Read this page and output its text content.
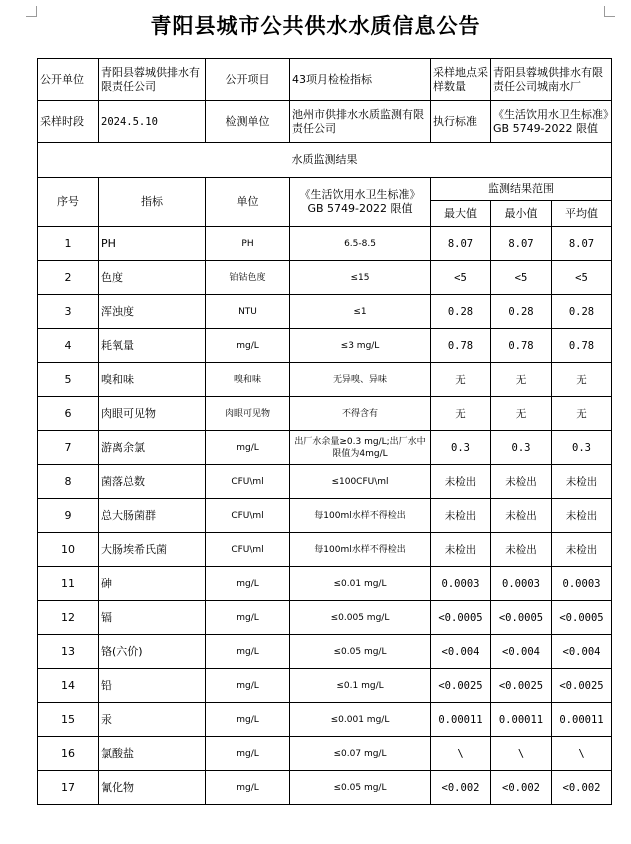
青阳县城市公共供水水质信息公告
公开单位	青阳县蓉城供排水有限责任公司	公开项目	43项月检检指标	采样地点采样数量	青阳县蓉城供排水有限责任公司城南水厂	
采样时段	2024.5.10	检测单位	池州市供排水水质监测有限责任公司	执行标准	《生活饮用水卫生标准》GB 5749-2022 限值	
水质监测结果						
序号	指标	单位	《生活饮用水卫生标准》GB 5749-2022 限值	监测结果范围		
				最大值	最小值	平均值
1	PH	PH	6.5-8.5	8.07	8.07	8.07
2	色度	铂钴色度	≤15	<5	<5	<5
3	浑浊度	NTU	≤1	0.28	0.28	0.28
4	耗氧量	mg/L	≤3 mg/L	0.78	0.78	0.78
5	嗅和味	嗅和味	无异嗅、异味	无	无	无
6	肉眼可见物	肉眼可见物	不得含有	无	无	无
7	游离余氯	mg/L	出厂水余量≥0.3 mg/L;出厂水中限值为4mg/L	0.3	0.3	0.3
8	菌落总数	CFU\ml	≤100CFU\ml	未检出	未检出	未检出
9	总大肠菌群	CFU\ml	每100ml水样不得检出	未检出	未检出	未检出
10	大肠埃希氏菌	CFU\ml	每100ml水样不得检出	未检出	未检出	未检出
11	砷	mg/L	≤0.01 mg/L	0.0003	0.0003	0.0003
12	镉	mg/L	≤0.005 mg/L	<0.0005	<0.0005	<0.0005
13	铬(六价)	mg/L	≤0.05 mg/L	<0.004	<0.004	<0.004
14	铅	mg/L	≤0.1 mg/L	<0.0025	<0.0025	<0.0025
15	汞	mg/L	≤0.001 mg/L	0.00011	0.00011	0.00011
16	氯酸盐	mg/L	≤0.07 mg/L	\	\	\
17	氰化物	mg/L	≤0.05 mg/L	<0.002	<0.002	<0.002
